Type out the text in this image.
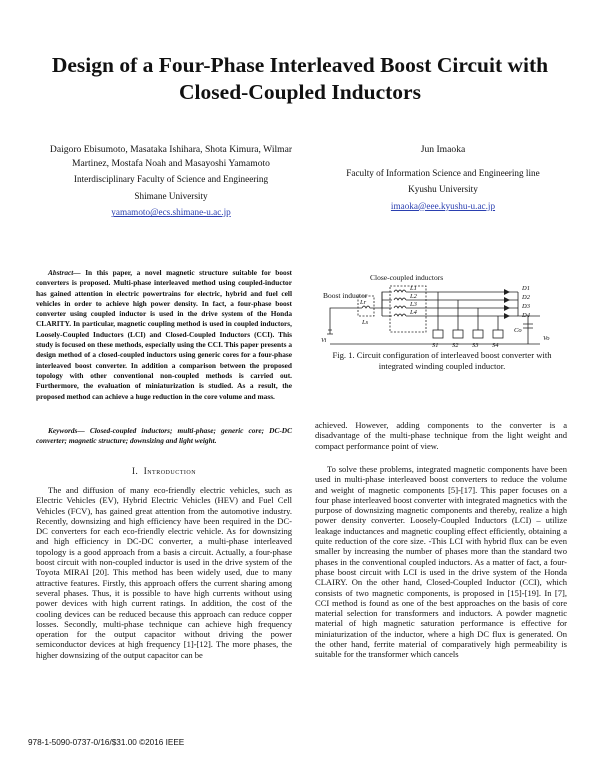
Design of a Four-Phase Interleaved Boost Circuit with Closed-Coupled Inductors
Daigoro Ebisumoto, Masataka Ishihara, Shota Kimura, Wilmar Martinez, Mostafa Noah and Masayoshi Yamamoto
Interdisciplinary Faculty of Science and Engineering
Shimane University
yamamoto@ecs.shimane-u.ac.jp
Jun Imaoka
Faculty of Information Science and Engineering line
Kyushu University
imaoka@eee.kyushu-u.ac.jp
Abstract— In this paper, a novel magnetic structure suitable for boost converters is proposed. Multi-phase interleaved method using coupled-inductor has gained attention in electric powertrains for electric, hybrid and fuel cell vehicles in order to achieve high power density. In fact, a four-phase boost converter using coupled inductor is used in the drive system of the Honda CLARITY. In particular, magnetic coupling method is used in coupled inductors, Loosely-Coupled Inductors (LCI) and Closed-Coupled Inductors (CCI). This study is focused on these methods, especially using the CCI. This paper presents a design method of a closed-coupled inductors using generic cores for a four-phase interleaved boost converter. In addition a comparison between the proposed topology with other conventional non-coupled methods is carried out. Furthermore, the evaluation of miniaturization is studied. As a result, the proposed method can achieve a huge reduction in the core volume and mass.
Keywords— Closed-coupled inductors; multi-phase; generic core; DC-DC converter; magnetic structure; downsizing and light weight.
I. Introduction
The and diffusion of many eco-friendly electric vehicles, such as Electric Vehicles (EV), Hybrid Electric Vehicles (HEV) and Fuel Cell Vehicles (FCV), has gained great attention from the automotive industry. Recently, downsizing and high efficiency have been required in the DC-DC converters for each eco-friendly electric vehicle. As for downsizing and high efficiency in DC-DC converter, a multi-phase interleaved topology is a good approach from a basis a circuit. Actually, a four-phase boost circuit with non-coupled inductor is used in the drive system of the Toyota MIRAI [20]. This method has been widely used, due to many attractive features. Firstly, this approach offers the current sharing among several phases. Thus, it is possible to have high currents without using power devices with high current ratings. In addition, the cost of the cooling devices can be reduced because this approach can reduce copper losses. Secondly, multi-phase technique can achieve high frequency operation for the output capacitor without driving the power semiconductor devices at high frequency [1]-[12]. The more phases, the higher downsizing of the output capacitor can be
Close-coupled inductors
Boost inductor
Vi	Vo
Co
Lr
Ls
L1
L2
L3
L4
D1
D2
D3
D4
S1 S2 S3 S4
Fig. 1. Circuit configuration of interleaved boost converter with integrated winding coupled inductor.
achieved. However, adding components to the converter is a disadvantage of the multi-phase technique from the light weight and compact performance point of view.
To solve these problems, integrated magnetic components have been used in multi-phase interleaved boost converters to reduce the volume and weight of magnetic components [5]-[17]. This paper focuses on a four phase interleaved boost converter with integrated magnetics with the purpose of downsizing magnetic components and thereby, realize a high power density converter. Loosely-Coupled Inductors (LCI) – utilize leakage inductances and magnetic coupling effect efficiently, obtaining a quite reduction of the core size. -This LCI with hybrid flux can be even smaller by increasing the number of phases more than the standard two phases in the conventional coupled inductors. As a matter of fact, a four-phase boost circuit with LCI is used in the drive system of the Honda CLAIRY. On the other hand, Closed-Coupled Inductor (CCI), which consists of two magnetic components, is proposed in [15]-[19]. In [7], CCI method is found as one of the best approaches on the basis of core material selection for transformers and inductors. A powder magnetic material of high magnetic saturation performance is effective for miniaturization of the inductor, where a high DC flux is generated. On the other hand, ferrite material of comparatively high permeability is suitable for the transformer which cancels
978-1-5090-0737-0/16/$31.00 ©2016 IEEE
